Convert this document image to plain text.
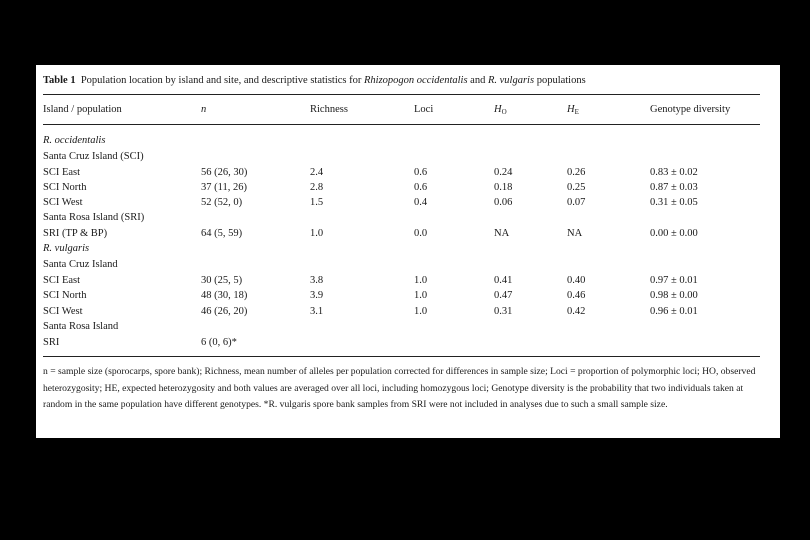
Table 1 Population location by island and site, and descriptive statistics for Rhizopogon occidentalis and R. vulgaris populations
Island / population	n	Richness	Loci	$H_O$	$H_E$	Genotype diversity
R. occidentalis
Santa Cruz Island (SCI)
SCI East	56 (26, 30)	2.4	0.6	0.24	0.26	0.83 ± 0.02
SCI North	37 (11, 26)	2.8	0.6	0.18	0.25	0.87 ± 0.03
SCI West	52 (52, 0)	1.5	0.4	0.06	0.07	0.31 ± 0.05
Santa Rosa Island (SRI)
SRI (TP & BP)	64 (5, 59)	1.0	0.0	NA	NA	0.00 ± 0.00
R. vulgaris
Santa Cruz Island
SCI East	30 (25, 5)	3.8	1.0	0.41	0.40	0.97 ± 0.01
SCI North	48 (30, 18)	3.9	1.0	0.47	0.46	0.98 ± 0.00
SCI West	46 (26, 20)	3.1	1.0	0.31	0.42	0.96 ± 0.01
Santa Rosa Island
SRI	6 (0, 6)*

n = sample size (sporocarps, spore bank); Richness, mean number of alleles per population corrected for differences in sample size; Loci = proportion of polymorphic loci; HO, observed heterozygosity; HE, expected heterozygosity and both values are averaged over all loci, including homozygous loci; Genotype diversity is the probability that two individuals taken at random in the same population have different genotypes. *R. vulgaris spore bank samples from SRI were not included in analyses due to such a small sample size.
